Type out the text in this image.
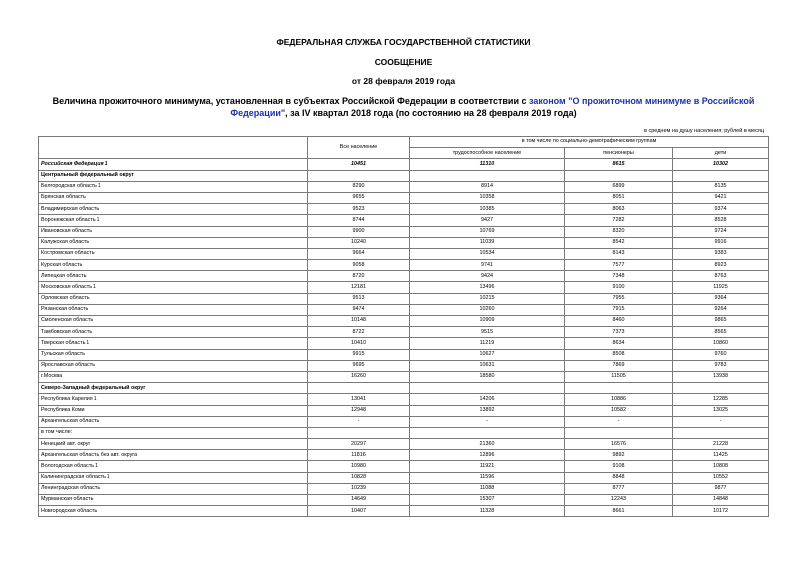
ФЕДЕРАЛЬНАЯ СЛУЖБА ГОСУДАРСТВЕННОЙ СТАТИСТИКИ
СООБЩЕНИЕ
от 28 февраля 2019 года
Величина прожиточного минимума, установленная в субъектах Российской Федерации в соответствии с законом "О прожиточном минимуме в Российской Федерации", за IV квартал 2018 года (по состоянию на 28 февраля 2019 года)
в среднем на душу населения; рублей в месяц
	Все население	в том числе по социально-демографическим группам		
		трудоспособное население	пенсионеры	дети
Российская Федерация1	10451	11310	8615	10302
Центральный федеральный округ				
Белгородская область1	8290	8914	6899	8135
Брянская область	9655	10358	8051	9421
Владимирская область	9523	10385	8063	9374
Воронежская область1	8744	9427	7282	8528
Ивановская область	9900	10769	8320	9724
Калужская область	10240	11039	8542	9916
Костромская область	9664	10534	8143	9383
Курская область	9058	9741	7577	8923
Липецкая область	8720	9424	7348	8763
Московская область1	12181	13496	9100	11925
Орловская область	9513	10215	7955	9364
Рязанская область	9474	10260	7915	9264
Смоленская область	10148	10909	8460	9865
Тамбовская область	8722	9515	7373	8565
Тверская область1	10410	11219	8634	10860
Тульская область	9915	10627	8508	9760
Ярославская область	9695	10631	7869	9783
г.Москва	16260	18580	11505	13938
Северо-Западный федеральный округ				
Республика Карелия1	13041	14206	10886	12285
Республика Коми	12948	13892	10582	13025
Архангельская область	-	-	-	-
в том числе:				
Ненецкий авт. округ	20297	21360	16576	21228
Архангельская область без авт. округа	11816	12896	9892	11425
Вологодская область1	10980	11921	9108	10808
Калининградская область1	10828	11596	8848	10552
Ленинградская область	10239	11088	8777	9877
Мурманская область	14649	15307	12243	14848
Новгородская область	10407	11328	8661	10172
